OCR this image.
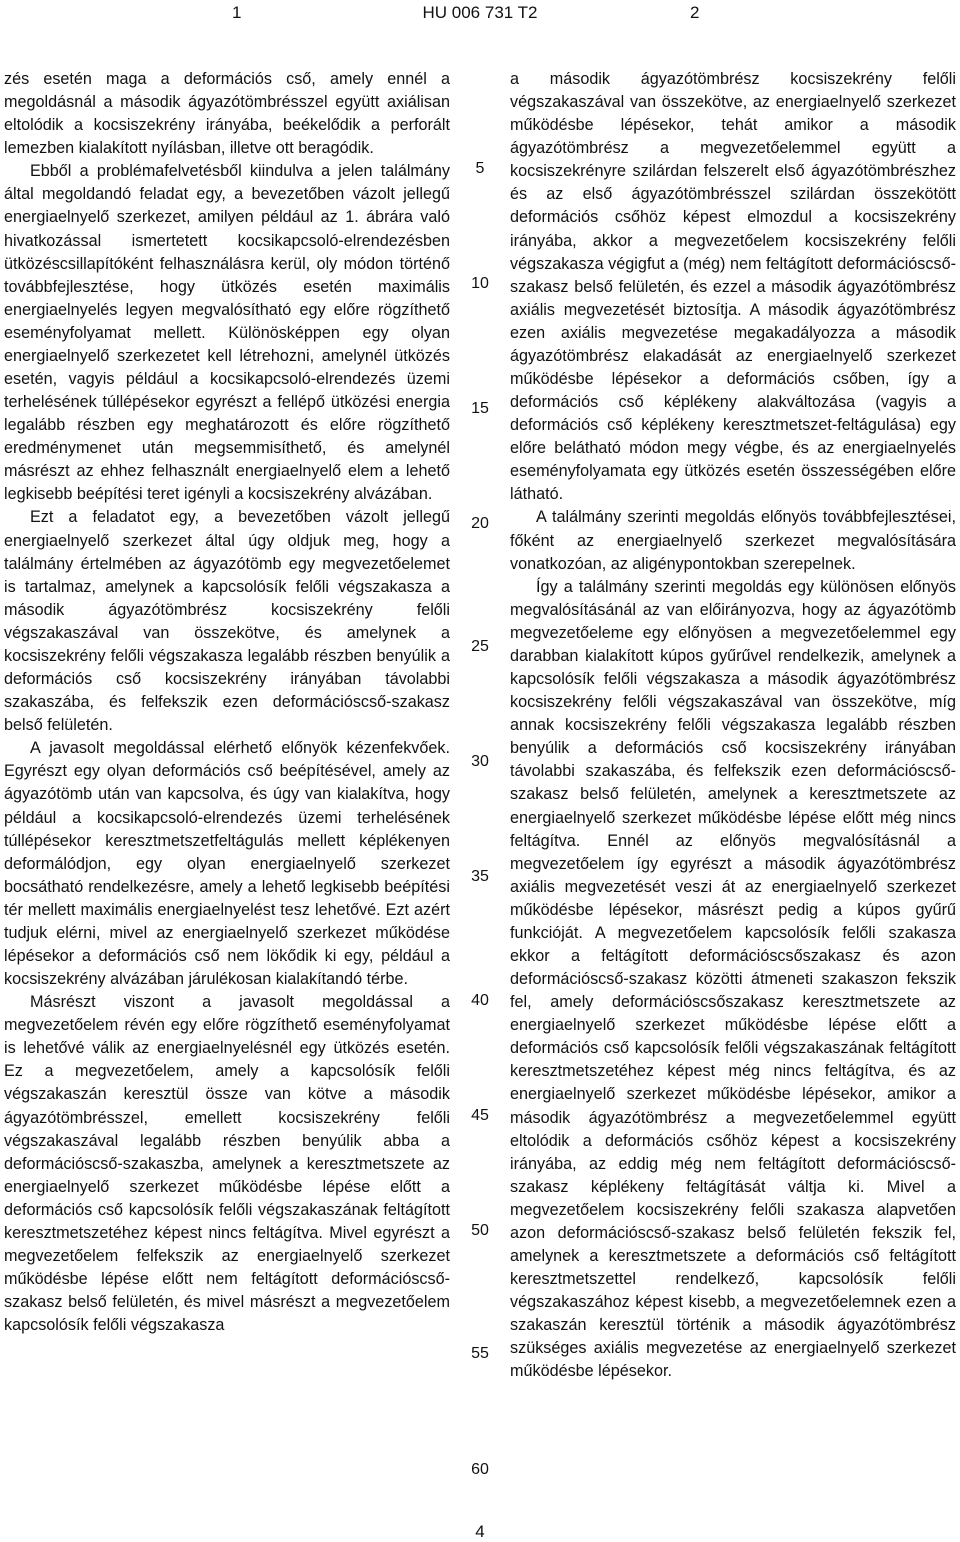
1	HU 006 731 T2	2

zés esetén maga a deformációs cső, amely ennél a megoldásnál a második ágyazótömbrésszel együtt axiálisan eltolódik a kocsiszekrény irányába, beékelődik a perforált lemezben kialakított nyílásban, illetve ott beragódik.

Ebből a problémafelvetésből kiindulva a jelen találmány által megoldandó feladat egy, a bevezetőben vázolt jellegű energiaelnyelő szerkezet, amilyen például az 1. ábrára való hivatkozással ismertetett kocsikapcsoló-elrendezésben ütközéscsillapítóként felhasználásra kerül, oly módon történő továbbfejlesztése, hogy ütközés esetén maximális energiaelnyelés legyen megvalósítható egy előre rögzíthető eseményfolyamat mellett. Különösképpen egy olyan energiaelnyelő szerkezetet kell létrehozni, amelynél ütközés esetén, vagyis például a kocsikapcsoló-elrendezés üzemi terhelésének túllépésekor egyrészt a fellépő ütközési energia legalább részben egy meghatározott és előre rögzíthető eredménymenet után megsemmisíthető, és amelynél másrészt az ehhez felhasznált energiaelnyelő elem a lehető legkisebb beépítési teret igényli a kocsiszekrény alvázában.

Ezt a feladatot egy, a bevezetőben vázolt jellegű energiaelnyelő szerkezet által úgy oldjuk meg, hogy a találmány értelmében az ágyazótömb egy megvezetőelemet is tartalmaz, amelynek a kapcsolósík felőli végszakasza a második ágyazótömbrész kocsiszekrény felőli végszakaszával van összekötve, és amelynek a kocsiszekrény felőli végszakasza legalább részben benyúlik a deformációs cső kocsiszekrény irányában távolabbi szakaszába, és felfekszik ezen deformációscső-szakasz belső felületén.

A javasolt megoldással elérhető előnyök kézenfekvőek. Egyrészt egy olyan deformációs cső beépítésével, amely az ágyazótömb után van kapcsolva, és úgy van kialakítva, hogy például a kocsikapcsoló-elrendezés üzemi terhelésének túllépésekor keresztmetszetfeltágulás mellett képlékenyen deformálódjon, egy olyan energiaelnyelő szerkezet bocsátható rendelkezésre, amely a lehető legkisebb beépítési tér mellett maximális energiaelnyelést tesz lehetővé. Ezt azért tudjuk elérni, mivel az energiaelnyelő szerkezet működése lépésekor a deformációs cső nem lökődik ki egy, például a kocsiszekrény alvázában járulékosan kialakítandó térbe.

Másrészt viszont a javasolt megoldással a megvezetőelem révén egy előre rögzíthető eseményfolyamat is lehetővé válik az energiaelnyelésnél egy ütközés esetén. Ez a megvezetőelem, amely a kapcsolósík felőli végszakaszán keresztül össze van kötve a második ágyazótömbrésszel, emellett kocsiszekrény felőli végszakaszával legalább részben benyúlik abba a deformációscső-szakaszba, amelynek a keresztmetszete az energiaelnyelő szerkezet működésbe lépése előtt a deformációs cső kapcsolósík felőli végszakaszának feltágított keresztmetszetéhez képest nincs feltágítva. Mivel egyrészt a megvezetőelem felfekszik az energiaelnyelő szerkezet működésbe lépése előtt nem feltágított deformációscső-szakasz belső felületén, és mivel másrészt a megvezetőelem kapcsolósík felőli végszakasza

a második ágyazótömbrész kocsiszekrény felőli végszakaszával van összekötve, az energiaelnyelő szerkezet működésbe lépésekor, tehát amikor a második ágyazótömbrész a megvezetőelemmel együtt a kocsiszekrényre szilárdan felszerelt első ágyazótömbrészhez és az első ágyazótömbrésszel szilárdan összekötött deformációs csőhöz képest elmozdul a kocsiszekrény irányába, akkor a megvezetőelem kocsiszekrény felőli végszakasza végigfut a (még) nem feltágított deformációscső-szakasz belső felületén, és ezzel a második ágyazótömbrész axiális megvezetését biztosítja. A második ágyazótömbrész ezen axiális megvezetése megakadályozza a második ágyazótömbrész elakadását az energiaelnyelő szerkezet működésbe lépésekor a deformációs csőben, így a deformációs cső képlékeny alakváltozása (vagyis a deformációs cső képlékeny keresztmetszet-feltágulása) egy előre belátható módon megy végbe, és az energiaelnyelés eseményfolyamata egy ütközés esetén összességében előre látható.

A találmány szerinti megoldás előnyös továbbfejlesztései, főként az energiaelnyelő szerkezet megvalósítására vonatkozóan, az aligénypontokban szerepelnek.

Így a találmány szerinti megoldás egy különösen előnyös megvalósításánál az van előirányozva, hogy az ágyazótömb megvezetőeleme egy előnyösen a megvezetőelemmel egy darabban kialakított kúpos gyűrűvel rendelkezik, amelynek a kapcsolósík felőli végszakasza a második ágyazótömbrész kocsiszekrény felőli végszakaszával van összekötve, míg annak kocsiszekrény felőli végszakasza legalább részben benyúlik a deformációs cső kocsiszekrény irányában távolabbi szakaszába, és felfekszik ezen deformációscső-szakasz belső felületén, amelynek a keresztmetszete az energiaelnyelő szerkezet működésbe lépése előtt még nincs feltágítva. Ennél az előnyös megvalósításnál a megvezetőelem így egyrészt a második ágyazótömbrész axiális megvezetését veszi át az energiaelnyelő szerkezet működésbe lépésekor, másrészt pedig a kúpos gyűrű funkcióját. A megvezetőelem kapcsolósík felőli szakasza ekkor a feltágított deformációscsőszakasz és azon deformációscső-szakasz közötti átmeneti szakaszon fekszik fel, amely deformációscsőszakasz keresztmetszete az energiaelnyelő szerkezet működésbe lépése előtt a deformációs cső kapcsolósík felőli végszakaszának feltágított keresztmetszetéhez képest még nincs feltágítva, és az energiaelnyelő szerkezet működésbe lépésekor, amikor a második ágyazótömbrész a megvezetőelemmel együtt eltolódik a deformációs csőhöz képest a kocsiszekrény irányába, az eddig még nem feltágított deformációscső-szakasz képlékeny feltágítását váltja ki. Mivel a megvezetőelem kocsiszekrény felőli szakasza alapvetően azon deformációscső-szakasz belső felületén fekszik fel, amelynek a keresztmetszete a deformációs cső feltágított keresztmetszettel rendelkező, kapcsolósík felőli végszakaszához képest kisebb, a megvezetőelemnek ezen a szakaszán keresztül történik a második ágyazótömbrész szükséges axiális megvezetése az energiaelnyelő szerkezet működésbe lépésekor.

5
10
15
20
25
30
35
40
45
50
55
60
4
